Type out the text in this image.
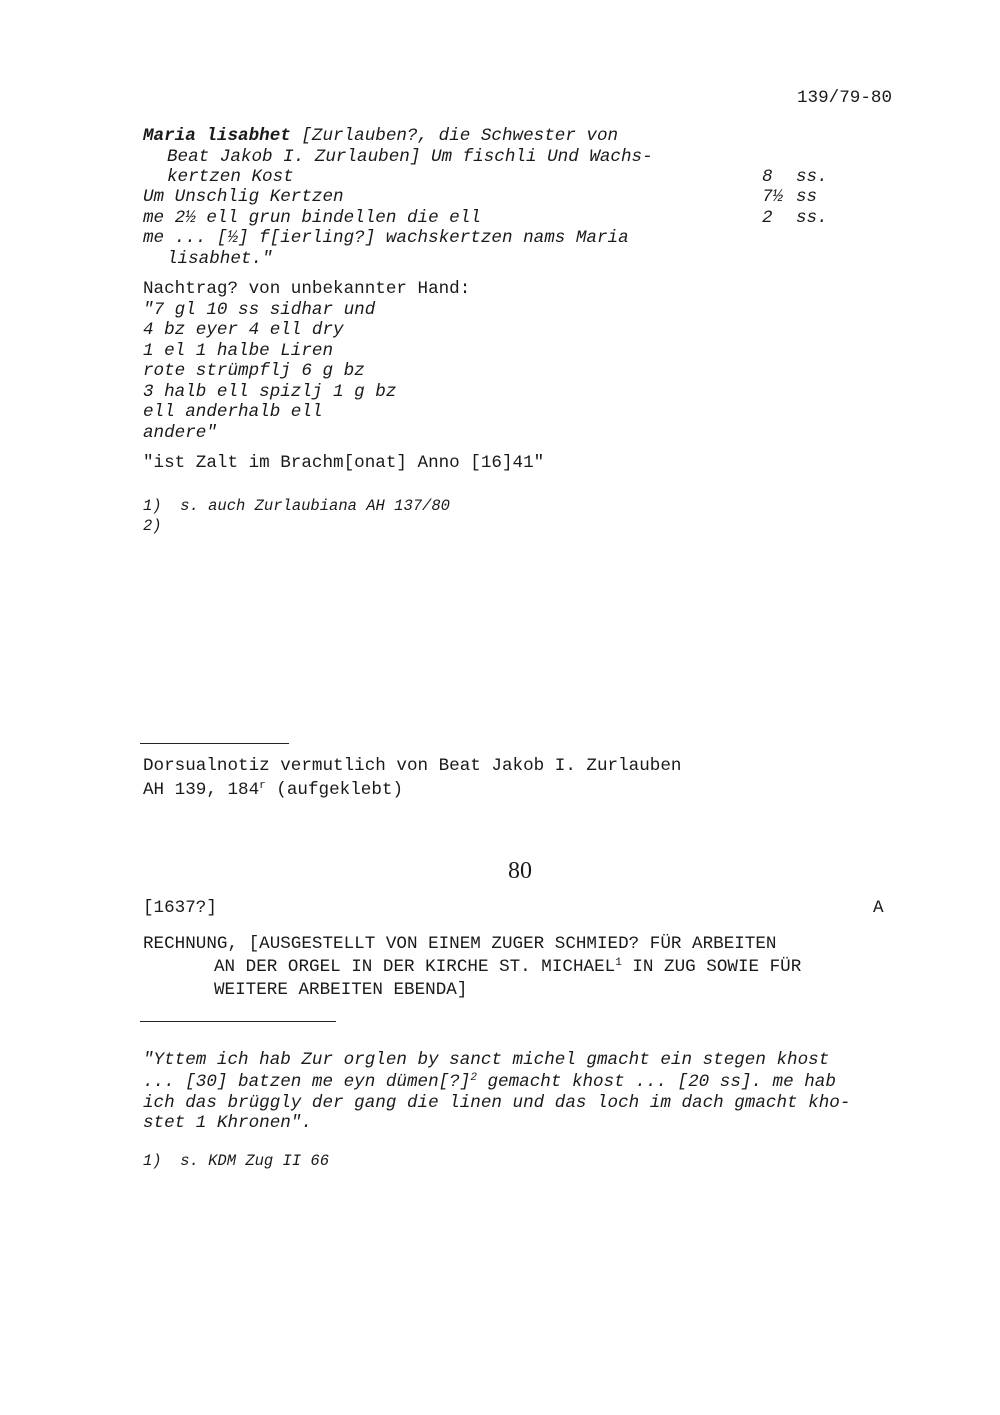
139/79-80
Maria lisabhet [Zurlauben?, die Schwester von
Beat Jakob I. Zurlauben] Um fischli Und Wachs-
kertzen Kost
Um Unschlig Kertzen
me 2½ ell grun bindellen die ell
me ... [½] f[ierling?] wachskertzen nams Maria
lisabhet."
8 ss.
7½ ss
2 ss.
Nachtrag? von unbekannter Hand:
"7 gl 10 ss sidhar und
4 bz eyer 4 ell dry
1 el 1 halbe Liren
rote strümpflj 6 g bz
3 halb ell spizlj 1 g bz
ell anderhalb ell
andere"
"ist Zalt im Brachm[onat] Anno [16]41"
1)  s. auch Zurlaubiana AH 137/80
2)
Dorsualnotiz vermutlich von Beat Jakob I. Zurlauben
AH 139, 184$^r$ (aufgeklebt)
80
[1637?]	A
RECHNUNG, [AUSGESTELLT VON EINEM ZUGER SCHMIED? FÜR ARBEITEN
AN DER ORGEL IN DER KIRCHE ST. MICHAEL$^1$ IN ZUG SOWIE FÜR
WEITERE ARBEITEN EBENDA]
"Yttem ich hab Zur orglen by sanct michel gmacht ein stegen khost
... [30] batzen me eyn dümen[?]$^2$ gemacht khost ... [20 ss]. me hab
ich das brüggly der gang die linen und das loch im dach gmacht kho-
stet 1 Khronen".
1)  s. KDM Zug II 66
